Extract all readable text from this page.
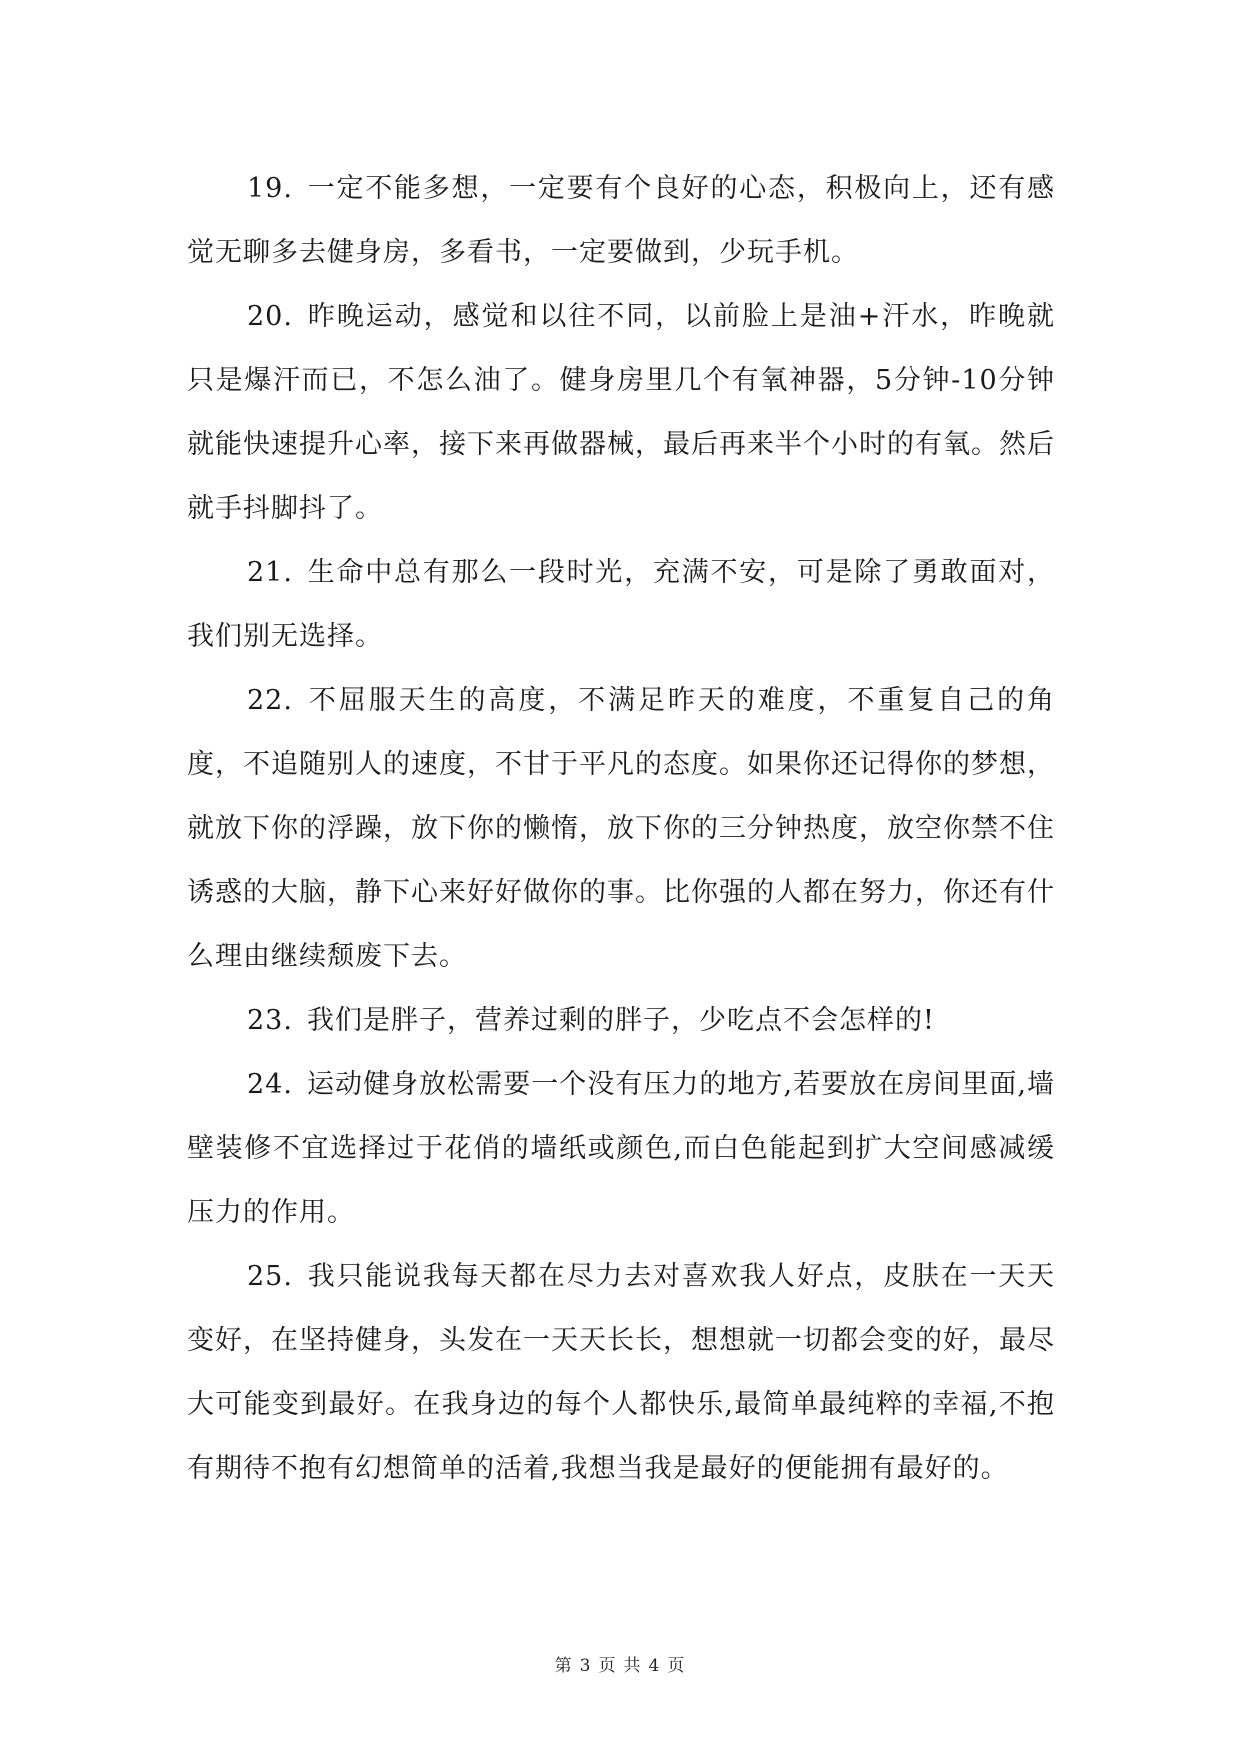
19. 一定不能多想，一定要有个良好的心态，积极向上，还有感觉无聊多去健身房，多看书，一定要做到，少玩手机。

20. 昨晚运动，感觉和以往不同，以前脸上是油+汗水，昨晚就只是爆汗而已，不怎么油了。健身房里几个有氧神器，5分钟-10分钟就能快速提升心率，接下来再做器械，最后再来半个小时的有氧。然后就手抖脚抖了。

21. 生命中总有那么一段时光，充满不安，可是除了勇敢面对，我们别无选择。

22. 不屈服天生的高度，不满足昨天的难度，不重复自己的角度，不追随别人的速度，不甘于平凡的态度。如果你还记得你的梦想，就放下你的浮躁，放下你的懒惰，放下你的三分钟热度，放空你禁不住诱惑的大脑，静下心来好好做你的事。比你强的人都在努力，你还有什么理由继续颓废下去。

23. 我们是胖子，营养过剩的胖子，少吃点不会怎样的!

24. 运动健身放松需要一个没有压力的地方,若要放在房间里面,墙壁装修不宜选择过于花俏的墙纸或颜色,而白色能起到扩大空间感减缓压力的作用。

25. 我只能说我每天都在尽力去对喜欢我人好点，皮肤在一天天变好，在坚持健身，头发在一天天长长，想想就一切都会变的好，最尽大可能变到最好。在我身边的每个人都快乐,最简单最纯粹的幸福,不抱有期待不抱有幻想简单的活着,我想当我是最好的便能拥有最好的。

第 3 页 共 4 页
